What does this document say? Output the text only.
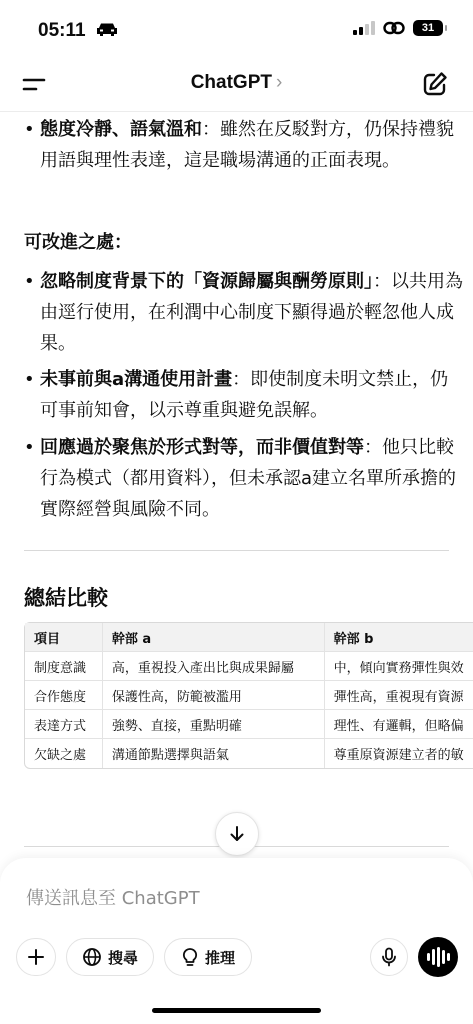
05:11	31
ChatGPT ›
• 態度冷靜、語氣溫和：雖然在反駁對方，仍保持禮貌用語與理性表達，這是職場溝通的正面表現。
可改進之處：
• 忽略制度背景下的「資源歸屬與酬勞原則」：以共用為由逕行使用，在利潤中心制度下顯得過於輕忽他人成果。
• 未事前與a溝通使用計畫：即使制度未明文禁止，仍可事前知會，以示尊重與避免誤解。
• 回應過於聚焦於形式對等，而非價值對等：他只比較行為模式（都用資料），但未承認a建立名單所承擔的實際經營與風險不同。
總結比較
項目	幹部 a	幹部 b
制度意識	高，重視投入產出比與成果歸屬	中，傾向實務彈性與效
合作態度	保護性高，防範被濫用	彈性高，重視現有資源
表達方式	強勢、直接，重點明確	理性、有邏輯，但略偏
欠缺之處	溝通節點選擇與語氣	尊重原資源建立者的敏
傳送訊息至 ChatGPT
搜尋	推理
